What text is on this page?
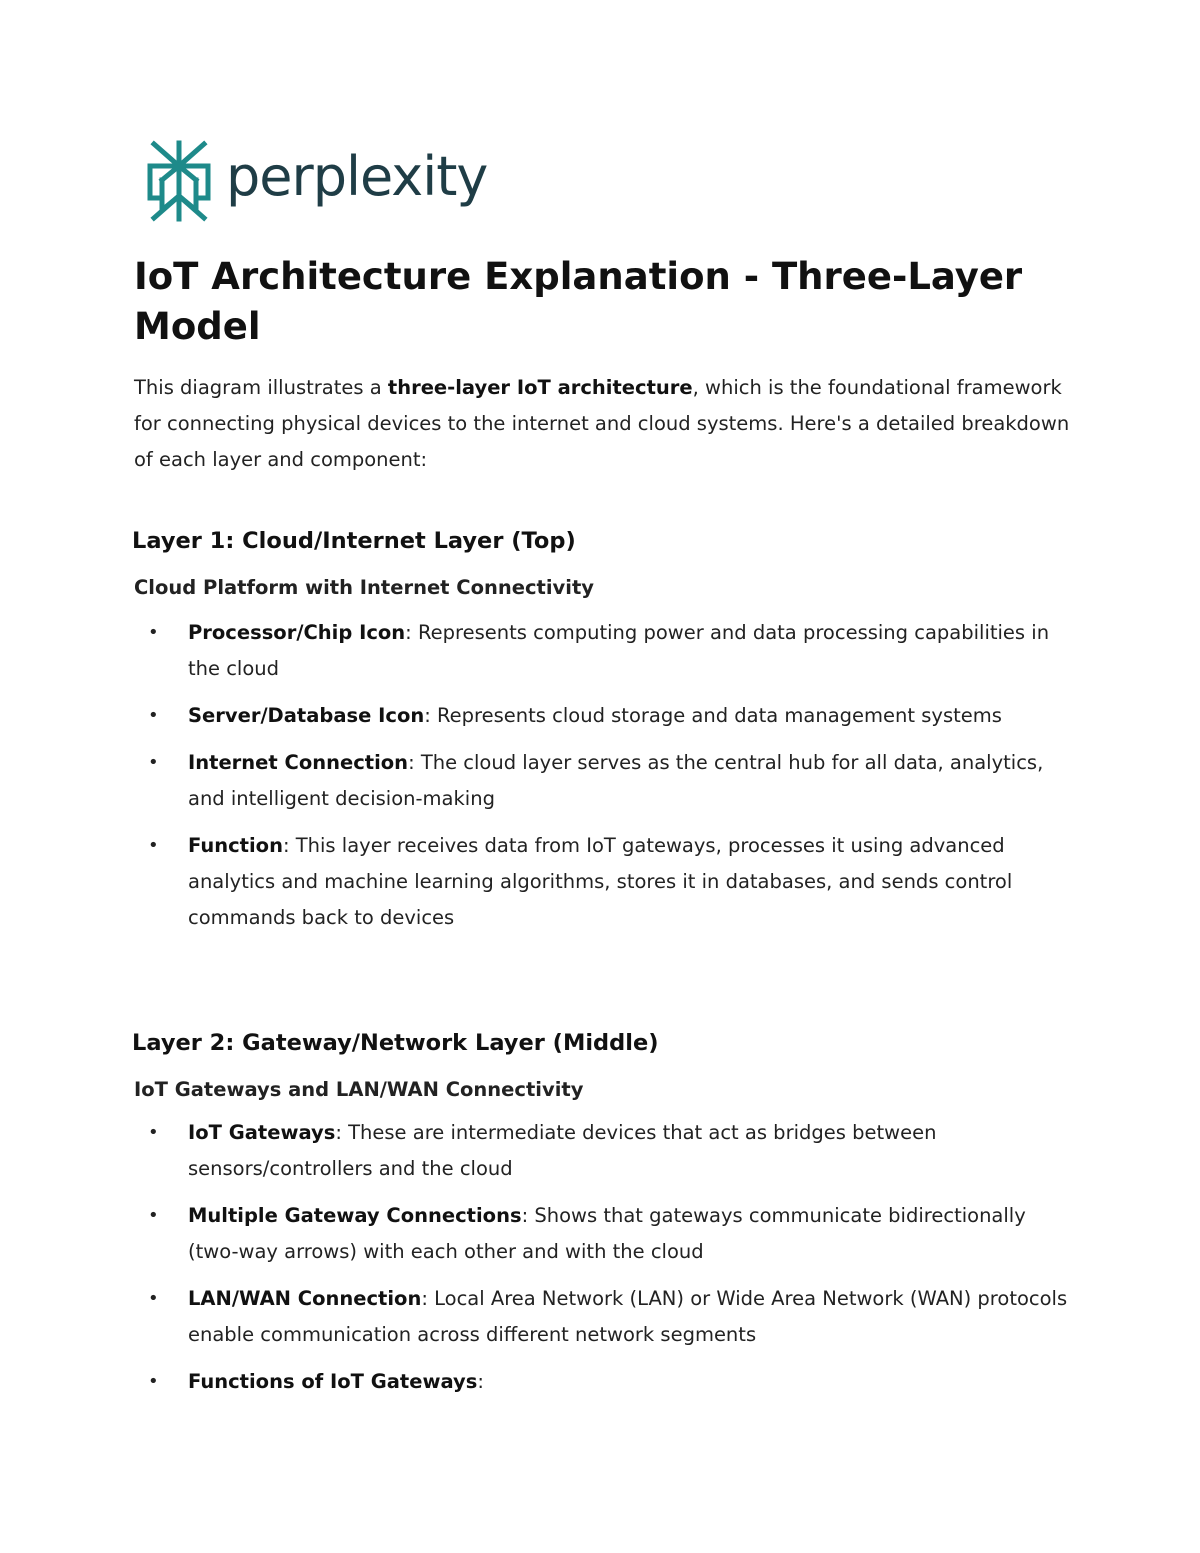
perplexity
IoT Architecture Explanation - Three-Layer Model

This diagram illustrates a three-layer IoT architecture, which is the foundational framework for connecting physical devices to the internet and cloud systems. Here's a detailed breakdown of each layer and component:

Layer 1: Cloud/Internet Layer (Top)
Cloud Platform with Internet Connectivity
• Processor/Chip Icon: Represents computing power and data processing capabilities in the cloud
• Server/Database Icon: Represents cloud storage and data management systems
• Internet Connection: The cloud layer serves as the central hub for all data, analytics, and intelligent decision-making
• Function: This layer receives data from IoT gateways, processes it using advanced analytics and machine learning algorithms, stores it in databases, and sends control commands back to devices
Layer 2: Gateway/Network Layer (Middle)
IoT Gateways and LAN/WAN Connectivity
• IoT Gateways: These are intermediate devices that act as bridges between sensors/controllers and the cloud
• Multiple Gateway Connections: Shows that gateways communicate bidirectionally (two-way arrows) with each other and with the cloud
• LAN/WAN Connection: Local Area Network (LAN) or Wide Area Network (WAN) protocols enable communication across different network segments
• Functions of IoT Gateways:
